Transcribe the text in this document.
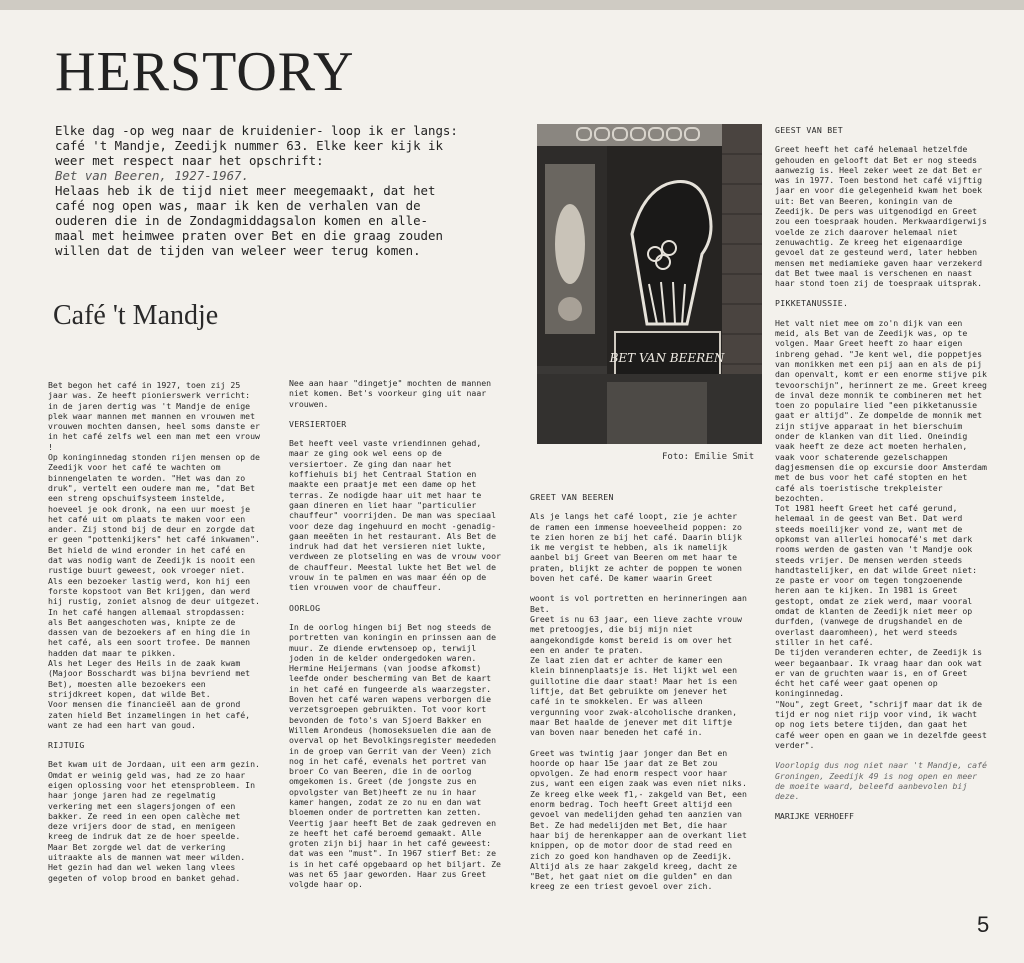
HERSTORY

Elke dag -op weg naar de kruidenier- loop ik er langs:

café 't Mandje, Zeedijk nummer 63. Elke keer kijk ik

weer met respect naar het opschrift:

Bet van Beeren, 1927-1967.

Helaas heb ik de tijd niet meer meegemaakt, dat het

café nog open was, maar ik ken de verhalen van de

ouderen die in de Zondagmiddagsalon komen en alle-

maal met heimwee praten over Bet en die graag zouden

willen dat de tijden van weleer weer terug komen.

Café 't Mandje

Bet begon het café in 1927, toen zij 25 jaar was. Ze heeft pionierswerk verricht: in de jaren dertig was 't Mandje de enige plek waar mannen met mannen en vrouwen met vrouwen mochten dansen, heel soms danste er in het café zelfs wel een man met een vrouw !

Op koninginnedag stonden rijen mensen op de Zeedijk voor het café te wachten om binnengelaten te worden. "Het was dan zo druk", vertelt een oudere man me, "dat Bet een streng opschuifsysteem instelde, hoeveel je ook dronk, na een uur moest je het café uit om plaats te maken voor een ander. Zij stond bij de deur en zorgde dat er geen "pottenkijkers" het café inkwamen".

Bet hield de wind eronder in het café en dat was nodig want de Zeedijk is nooit een rustige buurt geweest, ook vroeger niet. Als een bezoeker lastig werd, kon hij een forste kopstoot van Bet krijgen, dan werd hij rustig, zoniet alsnog de deur uitgezet.

In het café hangen allemaal stropdassen: als Bet aangeschoten was, knipte ze de dassen van de bezoekers af en hing die in het café, als een soort trofee. De mannen hadden dat maar te pikken.

Als het Leger des Heils in de zaak kwam (Majoor Bosschardt was bijna bevriend met Bet), moesten alle bezoekers een strijdkreet kopen, dat wilde Bet.

Voor mensen die financieël aan de grond zaten hield Bet inzamelingen in het café, want ze had een hart van goud.

RIJTUIG

Bet kwam uit de Jordaan, uit een arm gezin. Omdat er weinig geld was, had ze zo haar eigen oplossing voor het etensprobleem. In haar jonge jaren had ze regelmatig verkering met een slagersjongen of een bakker. Ze reed in een open calèche met deze vrijers door de stad, en menigeen kreeg de indruk dat ze de hoer speelde. Maar Bet zorgde wel dat de verkering uitraakte als de mannen wat meer wilden. Het gezin had dan wel weken lang vlees gegeten of volop brood en banket gehad.

Nee aan haar "dingetje" mochten de mannen niet komen. Bet's voorkeur ging uit naar vrouwen.

VERSIERTOER

Bet heeft veel vaste vriendinnen gehad, maar ze ging ook wel eens op de versiertoer. Ze ging dan naar het koffiehuis bij het Centraal Station en maakte een praatje met een dame op het terras. Ze nodigde haar uit met haar te gaan dineren en liet haar "particulier chauffeur" voorrijden. De man was speciaal voor deze dag ingehuurd en mocht -genadig- gaan meeëten in het restaurant. Als Bet de indruk had dat het versieren niet lukte, verdween ze plotseling en was de vrouw voor de chauffeur. Meestal lukte het Bet wel de vrouw in te palmen en was maar één op de tien vrouwen voor de chauffeur.

OORLOG

In de oorlog hingen bij Bet nog steeds de portretten van koningin en prinssen aan de muur. Ze diende erwtensoep op, terwijl joden in de kelder ondergedoken waren. Hermine Heijermans (van joodse afkomst) leefde onder bescherming van Bet de kaart in het café en fungeerde als waarzegster. Boven het café waren wapens verborgen die verzetsgroepen gebruikten. Tot voor kort bevonden de foto's van Sjoerd Bakker en Willem Arondeus (homoseksuelen die aan de overval op het Bevolkingsregister meededen in de groep van Gerrit van der Veen) zich nog in het café, evenals het portret van broer Co van Beeren, die in de oorlog omgekomen is. Greet (de jongste zus en opvolgster van Bet)heeft ze nu in haar kamer hangen, zodat ze zo nu en dan wat bloemen onder de portretten kan zetten.

Veertig jaar heeft Bet de zaak gedreven en ze heeft het café beroemd gemaakt. Alle groten zijn bij haar in het café geweest: dat was een "must". In 1967 stierf Bet: ze is in het café opgebaard op het biljart. Ze was net 65 jaar geworden. Haar zus Greet volgde haar op.

BET VAN BEEREN
Foto: Emilie Smit

GREET VAN BEEREN

Als je langs het café loopt, zie je achter de ramen een immense hoeveelheid poppen: zo te zien horen ze bij het café. Daarin blijk ik me vergist te hebben, als ik namelijk aanbel bij Greet van Beeren om met haar te praten, blijkt ze achter de poppen te wonen boven het café. De kamer waarin Greet

woont is vol portretten en herinneringen aan Bet.

Greet is nu 63 jaar, een lieve zachte vrouw met pretoogjes, die bij mijn niet aangekondigde komst bereid is om over het een en ander te praten.

Ze laat zien dat er achter de kamer een klein binnenplaatsje is. Het lijkt wel een guillotine die daar staat! Maar het is een liftje, dat Bet gebruikte om jenever het café in te smokkelen. Er was alleen vergunning voor zwak-alcoholische dranken, maar Bet haalde de jenever met dit liftje van boven naar beneden het café in.

Greet was twintig jaar jonger dan Bet en hoorde op haar 15e jaar dat ze Bet zou opvolgen. Ze had enorm respect voor haar zus, want een eigen zaak was even niet niks. Ze kreeg elke week f1,- zakgeld van Bet, een enorm bedrag. Toch heeft Greet altijd een gevoel van medelijden gehad ten aanzien van Bet. Ze had medelijden met Bet, die haar haar bij de herenkapper aan de overkant liet knippen, op de motor door de stad reed en zich zo goed kon handhaven op de Zeedijk. Altijd als ze haar zakgeld kreeg, dacht ze "Bet, het gaat niet om die gulden" en dan kreeg ze een triest gevoel over zich.

GEEST VAN BET

Greet heeft het café helemaal hetzelfde gehouden en gelooft dat Bet er nog steeds aanwezig is. Heel zeker weet ze dat Bet er was in 1977. Toen bestond het café vijftig jaar en voor die gelegenheid kwam het boek uit: Bet van Beeren, koningin van de Zeedijk. De pers was uitgenodigd en Greet zou een toespraak houden. Merkwaardigerwijs voelde ze zich daarover helemaal niet zenuwachtig. Ze kreeg het eigenaardige gevoel dat ze gesteund werd, later hebben mensen met mediamieke gaven haar verzekerd dat Bet twee maal is verschenen en naast haar stond toen zij de toespraak uitsprak.

PIKKETANUSSIE.

Het valt niet mee om zo'n dijk van een meid, als Bet van de Zeedijk was, op te volgen. Maar Greet heeft zo haar eigen inbreng gehad. "Je kent wel, die poppetjes van monikken met een pij aan en als de pij dan openvalt, komt er een enorme stijve pik tevoorschijn", herinnert ze me. Greet kreeg de inval deze monnik te combineren met het toen zo populaire lied "een pikketanussie gaat er altijd". Ze dompelde de monnik met zijn stijve apparaat in het bierschuim onder de klanken van dit lied. Oneindig vaak heeft ze deze act moeten herhalen, vaak voor schaterende gezelschappen dagjesmensen die op excursie door Amsterdam met de bus voor het café stopten en het café als toeristische trekpleister bezochten.

Tot 1981 heeft Greet het café gerund, helemaal in de geest van Bet. Dat werd steeds moeilijker vond ze, want met de opkomst van allerlei homocafé's met dark rooms werden de gasten van 't Mandje ook steeds vrijer. De mensen werden steeds handtastelijker, en dat wilde Greet niet: ze paste er voor om tegen tongzoenende heren aan te kijken. In 1981 is Greet gestopt, omdat ze ziek werd, maar vooral omdat de klanten de Zeedijk niet meer op durfden, (vanwege de drugshandel en de overlast daaromheen), het werd steeds stiller in het café.

De tijden veranderen echter, de Zeedijk is weer begaanbaar. Ik vraag haar dan ook wat er van de gruchten waar is, en of Greet écht het café weer gaat openen op koninginnedag.

"Nou", zegt Greet, "schrijf maar dat ik de tijd er nog niet rijp voor vind, ik wacht op nog iets betere tijden, dan gaat het café weer open en gaan we in dezelfde geest verder".

Voorlopig dus nog niet naar 't Mandje, café Groningen, Zeedijk 49 is nog open en meer de moeite waard, beleefd aanbevolen bij deze.

MARIJKE VERHOEFF

5
